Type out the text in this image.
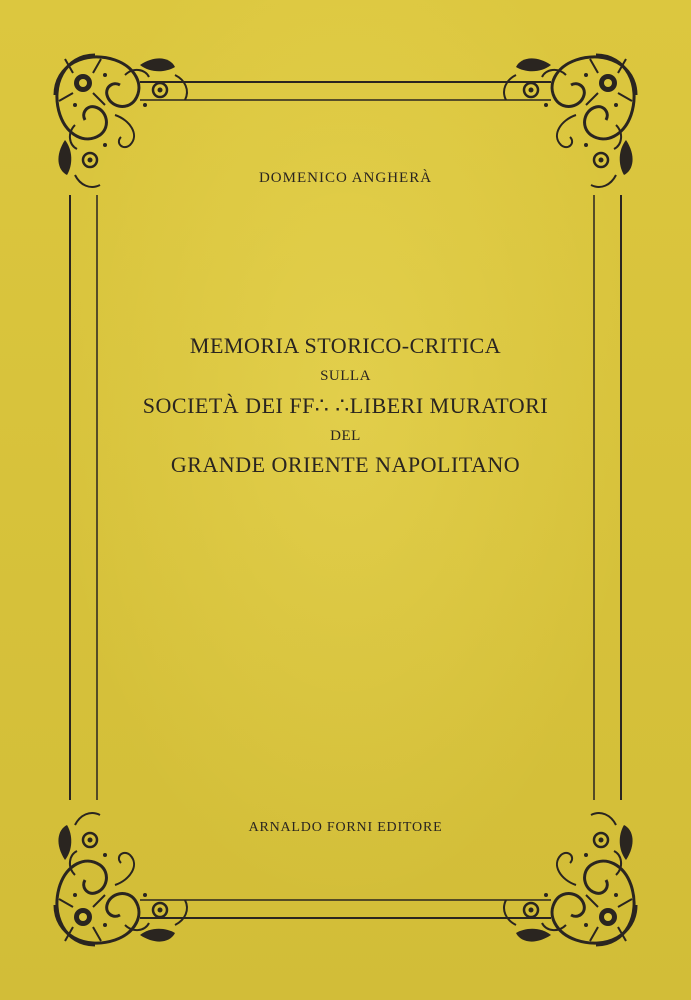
DOMENICO ANGHERÀ
MEMORIA STORICO-CRITICA
SULLA
SOCIETÀ DEI FF∴ ∴LIBERI MURATORI
DEL
GRANDE ORIENTE NAPOLITANO
ARNALDO FORNI EDITORE
